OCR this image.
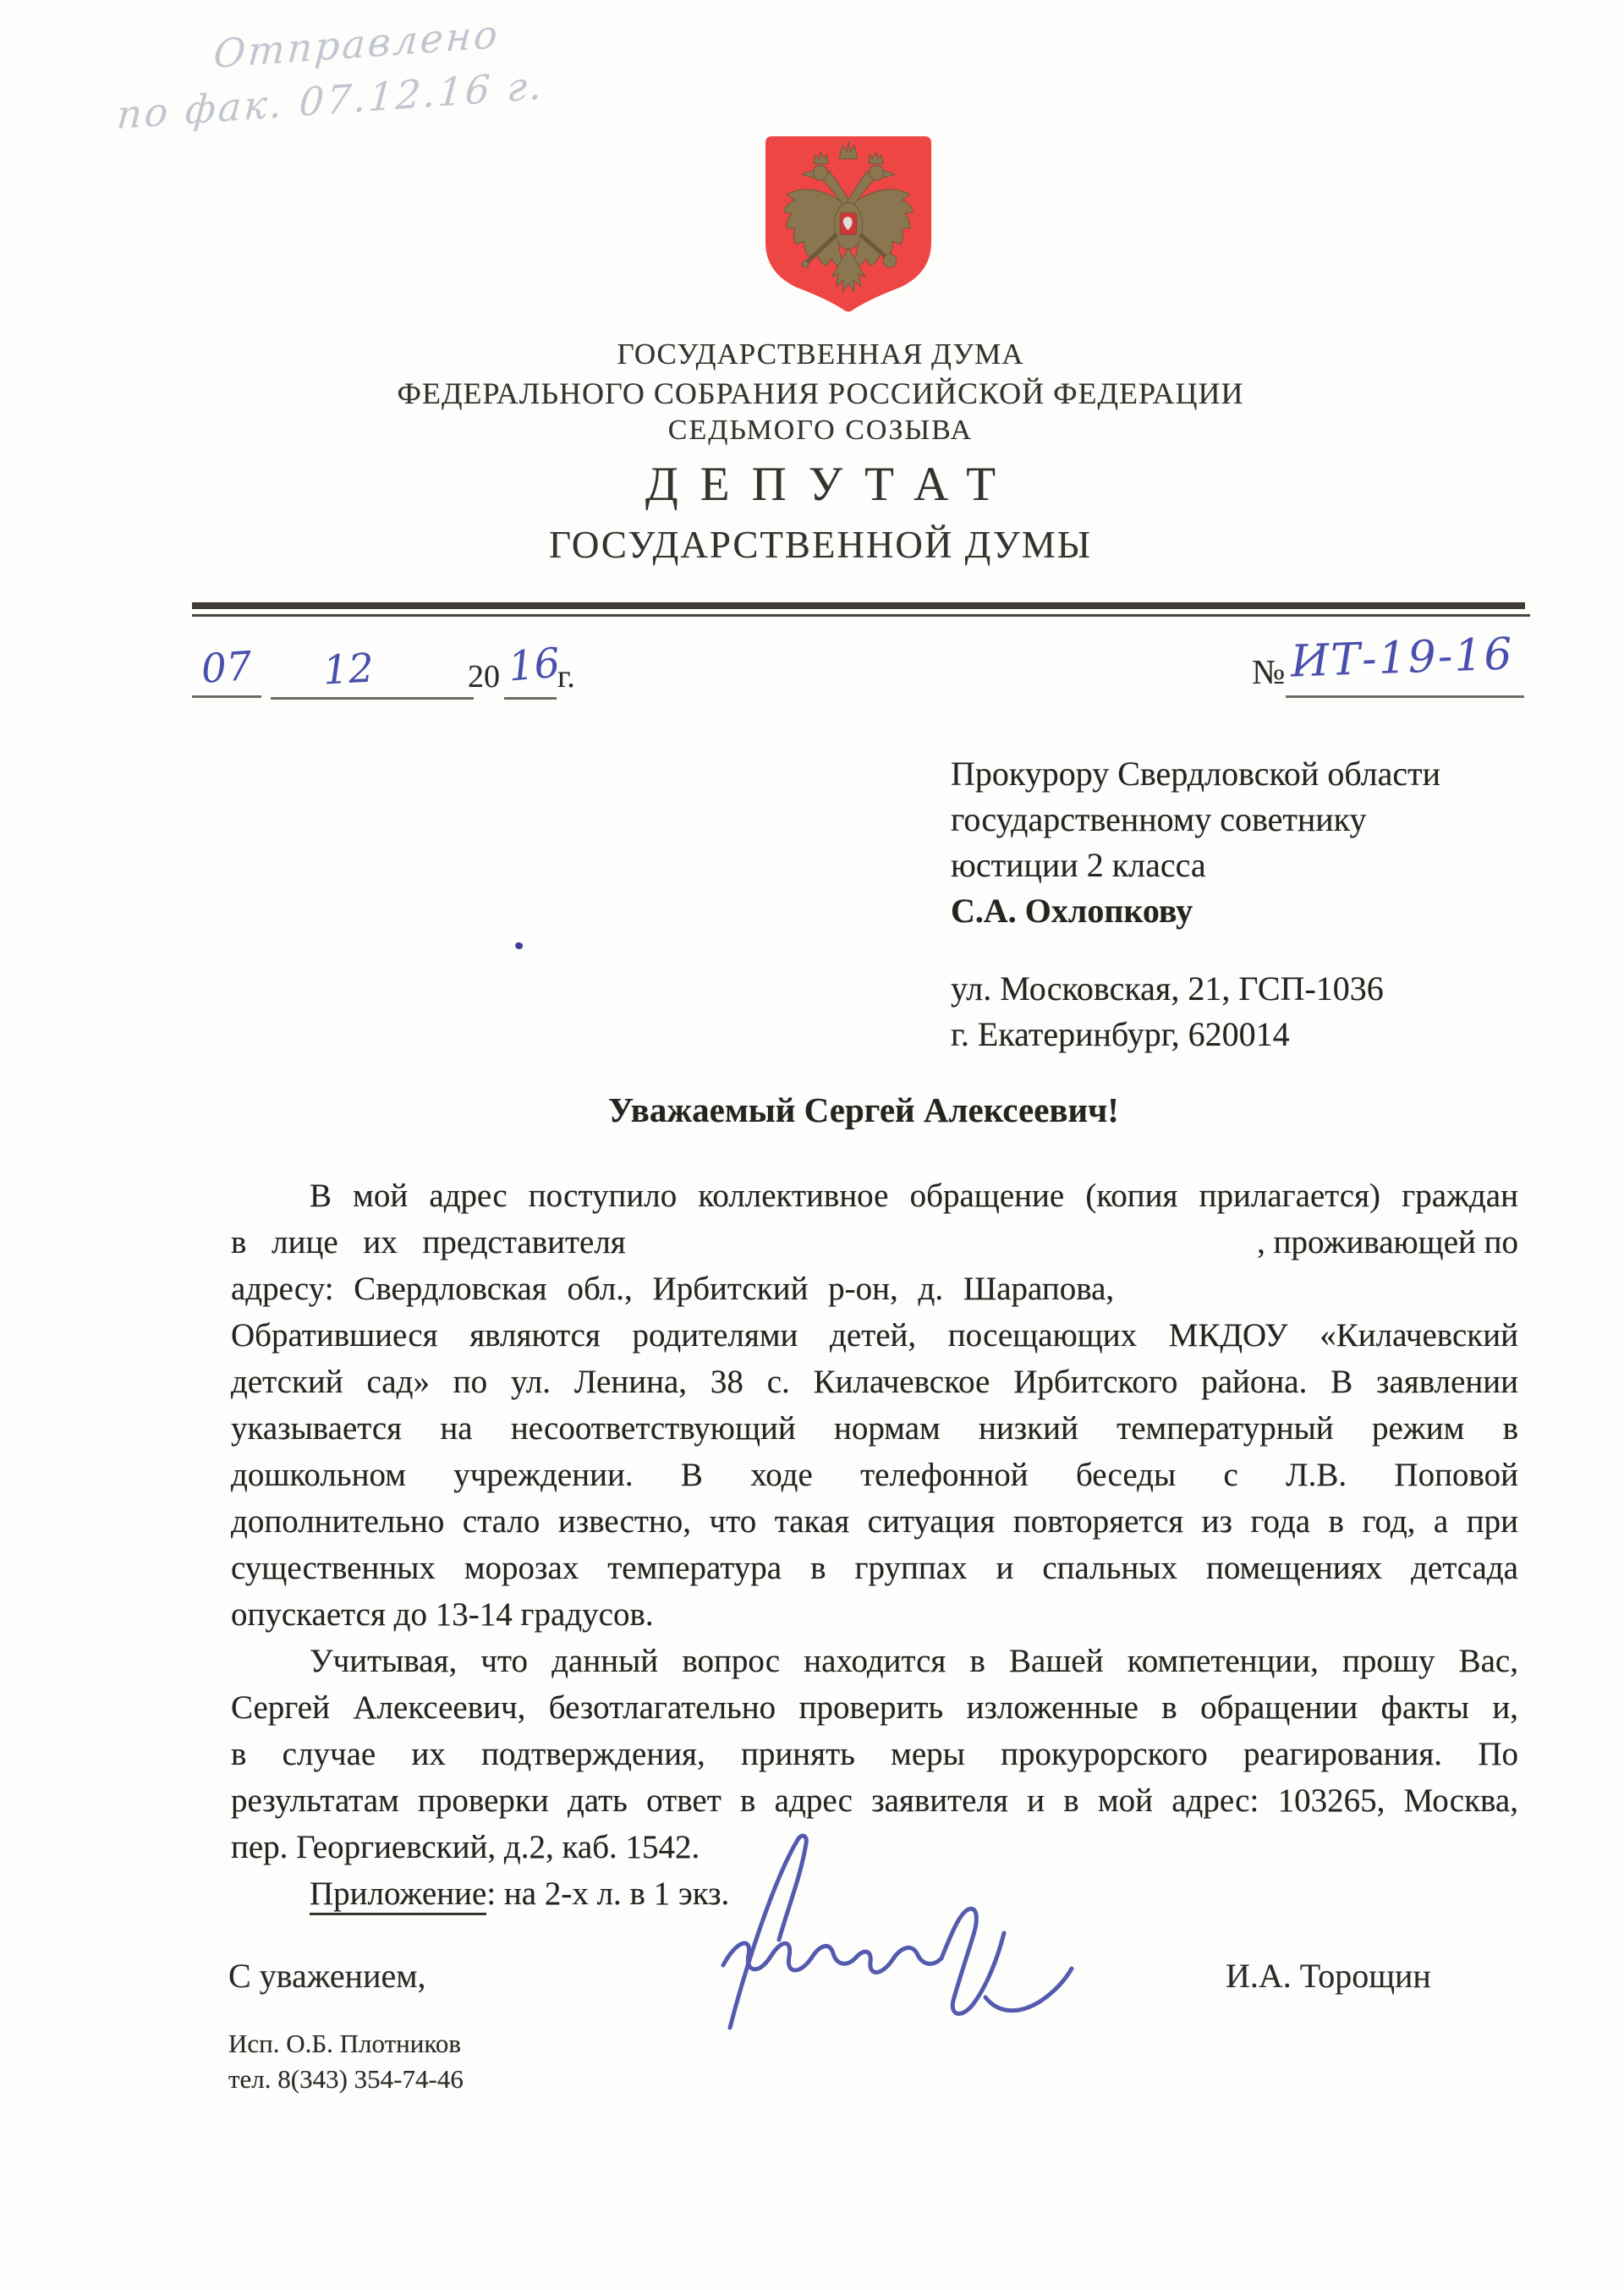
Отправлено
по фак. 07.12.16 г.
ГОСУДАРСТВЕННАЯ ДУМА
ФЕДЕРАЛЬНОГО СОБРАНИЯ РОССИЙСКОЙ ФЕДЕРАЦИИ
СЕДЬМОГО СОЗЫВА
ДЕПУТАТ
ГОСУДАРСТВЕННОЙ ДУМЫ
07 12	20 16
г.	№ ИТ-19-16
Прокурору Свердловской области
государственному советнику
юстиции 2 класса
С.А. Охлопкову
ул. Московская, 21, ГСП-1036
г. Екатеринбург, 620014
Уважаемый Сергей Алексеевич!
В мой адрес поступило коллективное обращение (копия прилагается) граждан
в лице их представителя	, проживающей по
адресу: Свердловская обл., Ирбитский р-он, д. Шарапова,
Обратившиеся являются родителями детей, посещающих МКДОУ «Килачевский
детский сад» по ул. Ленина, 38 с. Килачевское Ирбитского района. В заявлении
указывается на несоответствующий нормам низкий температурный режим в
дошкольном учреждении. В ходе телефонной беседы с Л.В. Поповой
дополнительно стало известно, что такая ситуация повторяется из года в год, а при
существенных морозах температура в группах и спальных помещениях детсада
опускается до 13-14 градусов.
Учитывая, что данный вопрос находится в Вашей компетенции, прошу Вас,
Сергей Алексеевич, безотлагательно проверить изложенные в обращении факты и,
в случае их подтверждения, принять меры прокурорского реагирования. По
результатам проверки дать ответ в адрес заявителя и в мой адрес: 103265, Москва,
пер. Георгиевский, д.2, каб. 1542.
Приложение: на 2-х л. в 1 экз.
С уважением,	И.А. Торощин
Исп. О.Б. Плотников
тел. 8(343) 354-74-46
